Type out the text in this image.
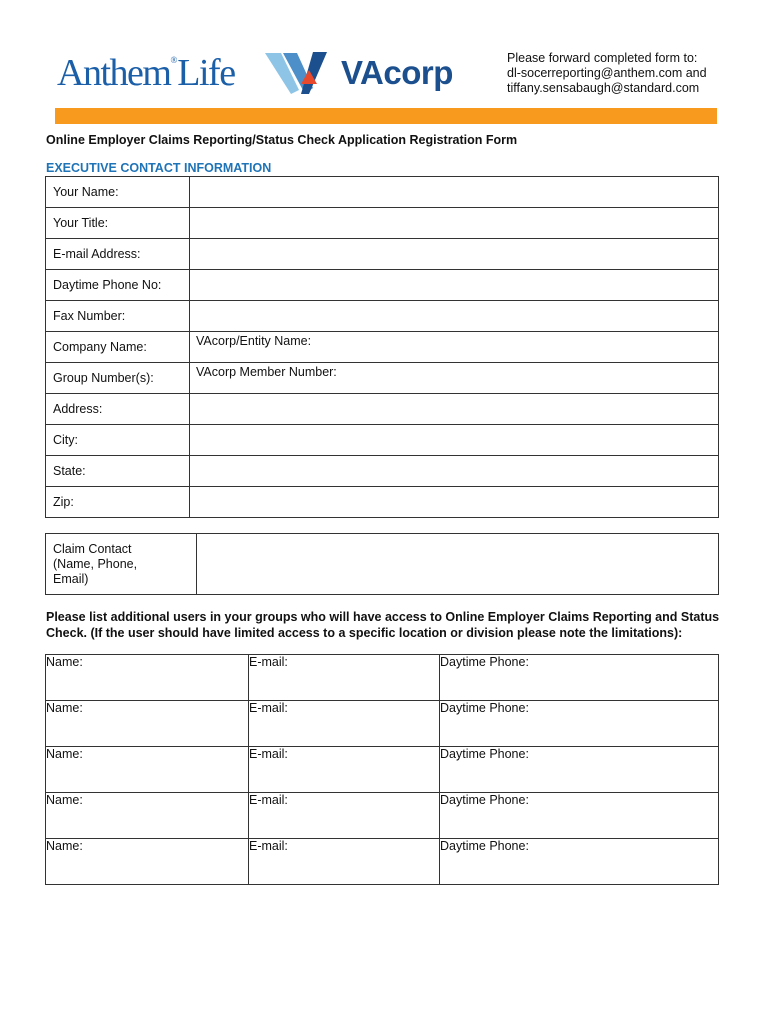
Anthem®Life	VAcorp	Please forward completed form to:
dl-socerreporting@anthem.com and
tiffany.sensabaugh@standard.com
Online Employer Claims Reporting/Status Check Application Registration Form
EXECUTIVE CONTACT INFORMATION
Your Name:	
Your Title:	
E-mail Address:	
Daytime Phone No:	
Fax Number:	
Company Name:	VAcorp/Entity Name:
Group Number(s):	VAcorp Member Number:
Address:	
City:	
State:	
Zip:	
Claim Contact
(Name, Phone,
Email)

Please list additional users in your groups who will have access to Online Employer Claims Reporting and Status Check. (If the user should have limited access to a specific location or division please note the limitations):
Name:	E-mail:	Daytime Phone:
Name:	E-mail:	Daytime Phone:
Name:	E-mail:	Daytime Phone:
Name:	E-mail:	Daytime Phone:
Name:	E-mail:	Daytime Phone:
